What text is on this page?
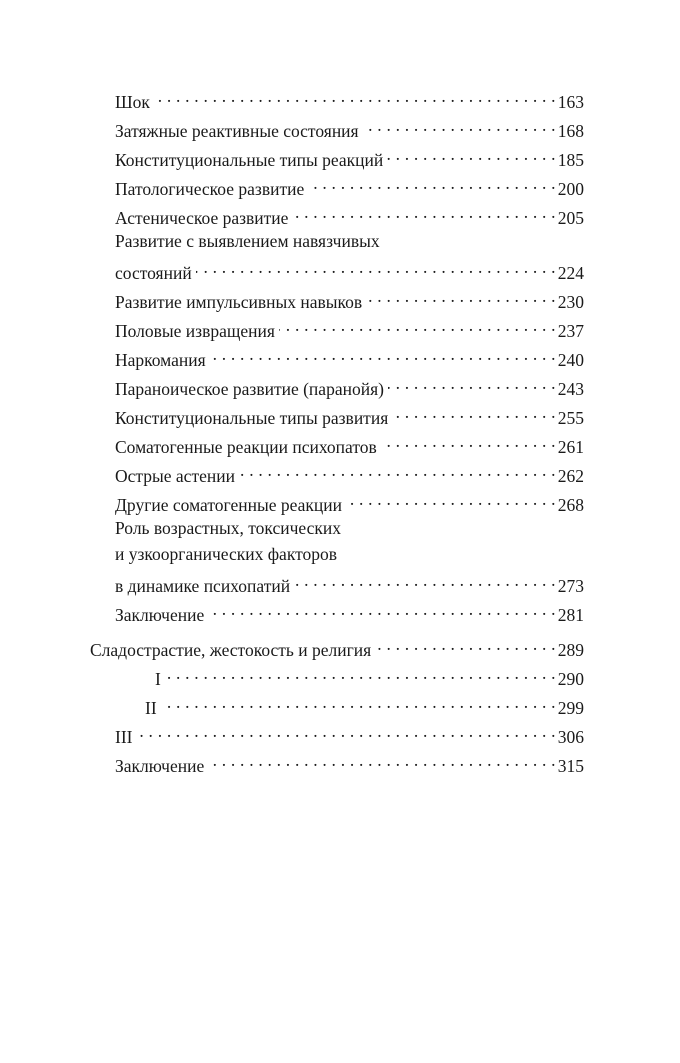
Шок . . .	163
Затяжные реактивные состояния . . .	168
Конституциональные типы реакций . . .	185
Патологическое развитие . . .	200
Астеническое развитие . . .	205
Развитие с выявлением навязчивых
состояний . . .	224
Развитие импульсивных навыков . . .	230
Половые извращения . . .	237
Наркомания . . .	240
Параноическое развитие (паранойя) . . .	243
Конституциональные типы развития . . .	255
Соматогенные реакции психопатов . . .	261
Острые астении . . .	262
Другие соматогенные реакции . . .	268
Роль возрастных, токсических
и узкоорганических факторов
в динамике психопатий . . .	273
Заключение . . .	281
Сладострастие, жестокость и религия . . .	289
I . . .	290
II . . .	299
III . . .	306
Заключение . . .	315
